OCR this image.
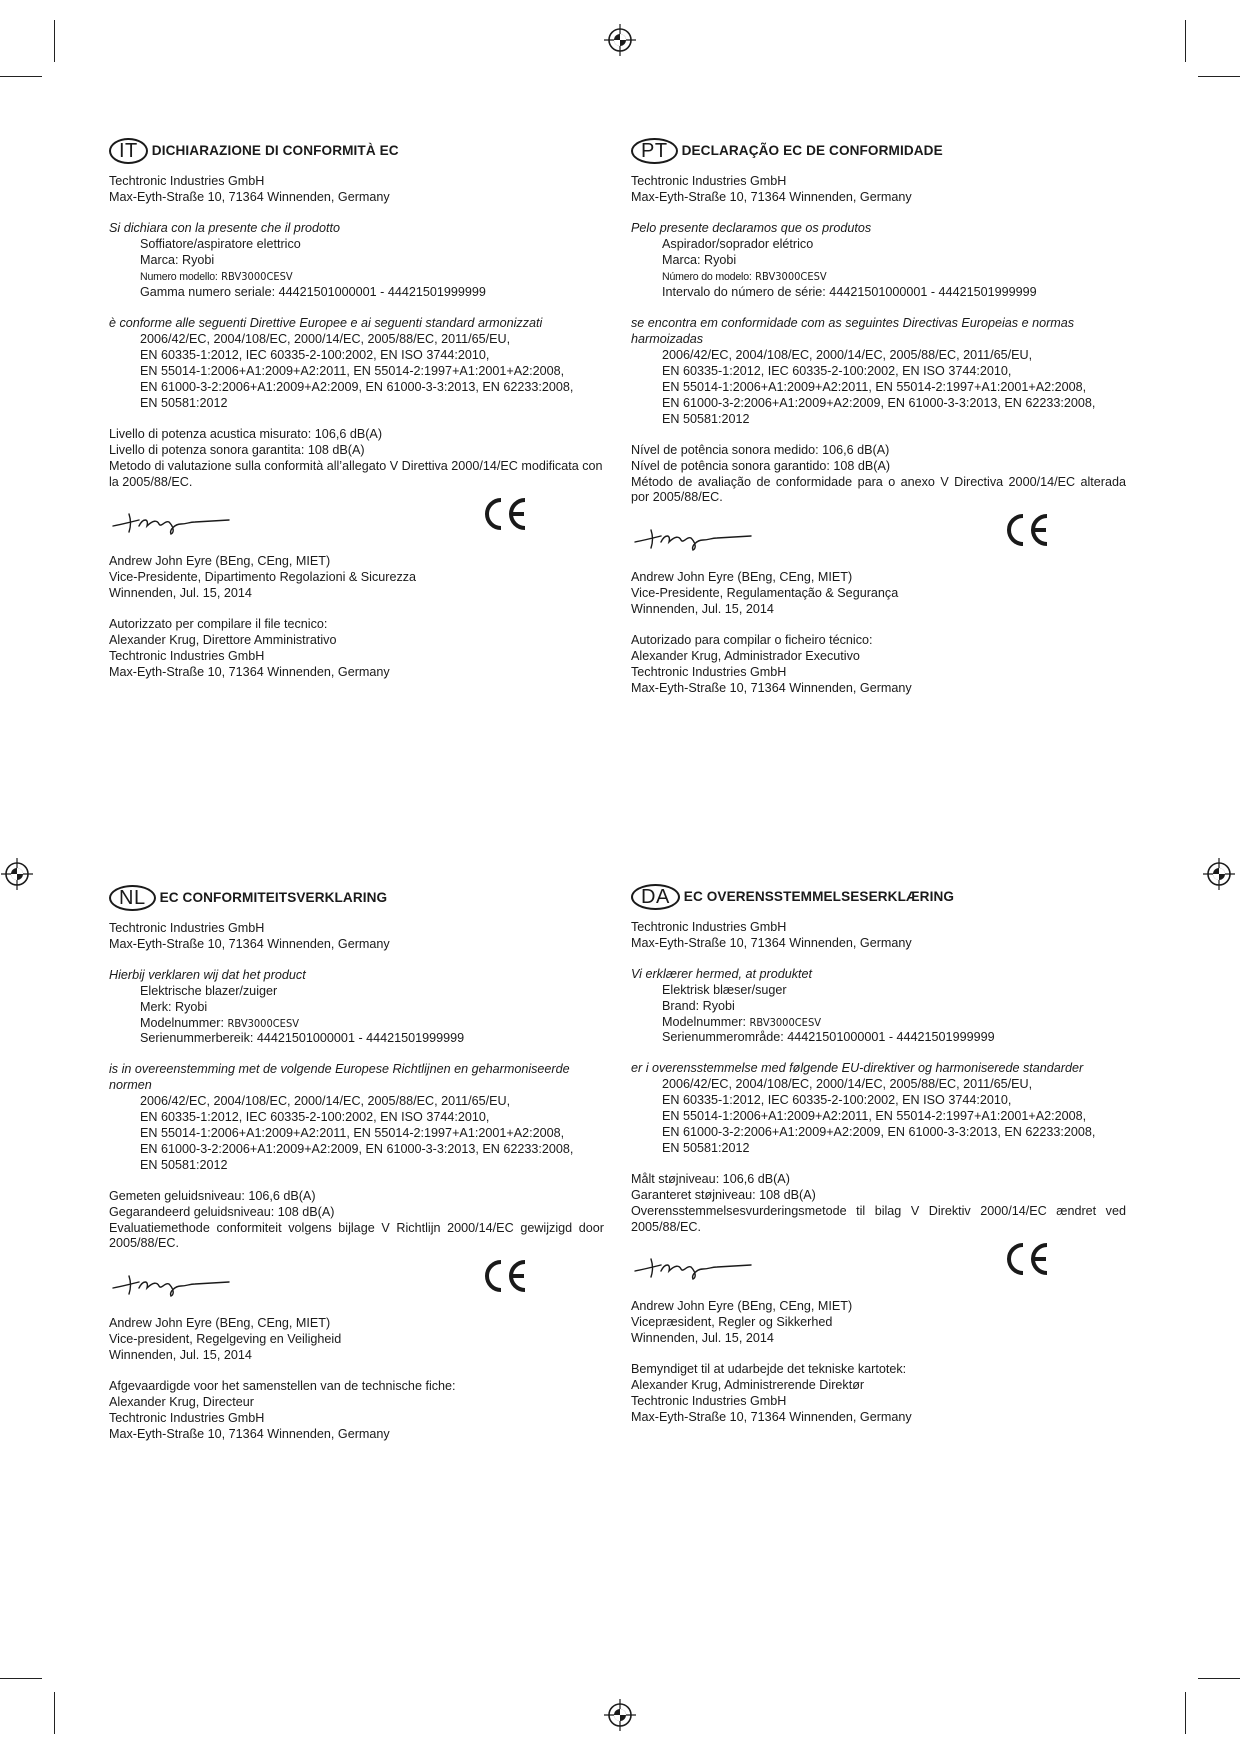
IT	DICHIARAZIONE DI CONFORMITÀ EC

Techtronic Industries GmbH

Max-Eyth-Straße 10, 71364 Winnenden, Germany

Si dichiara con la presente che il prodotto

Soffiatore/aspiratore elettrico

Marca: Ryobi

Numero modello: RBV3000CESV

Gamma numero seriale: 44421501000001 - 44421501999999

è conforme alle seguenti Direttive Europee e ai seguenti standard armonizzati

2006/42/EC, 2004/108/EC, 2000/14/EC, 2005/88/EC, 2011/65/EU,

EN 60335-1:2012, IEC 60335-2-100:2002, EN ISO 3744:2010,

EN 55014-1:2006+A1:2009+A2:2011, EN 55014-2:1997+A1:2001+A2:2008,

EN 61000-3-2:2006+A1:2009+A2:2009, EN 61000-3-3:2013, EN 62233:2008,

EN 50581:2012

Livello di potenza acustica misurato: 106,6 dB(A)

Livello di potenza sonora garantita: 108 dB(A)

Metodo di valutazione sulla conformità all’allegato V Direttiva 2000/14/EC modificata con la 2005/88/EC.

Andrew John Eyre (BEng, CEng, MIET)

Vice-Presidente, Dipartimento Regolazioni & Sicurezza

Winnenden, Jul. 15, 2014

Autorizzato per compilare il file tecnico:

Alexander Krug, Direttore Amministrativo

Techtronic Industries GmbH

Max-Eyth-Straße 10, 71364 Winnenden, Germany

PT	DECLARAÇÃO EC DE CONFORMIDADE

Techtronic Industries GmbH

Max-Eyth-Straße 10, 71364 Winnenden, Germany

Pelo presente declaramos que os produtos

Aspirador/soprador elétrico

Marca: Ryobi

Número do modelo: RBV3000CESV

Intervalo do número de série: 44421501000001 - 44421501999999

se encontra em conformidade com as seguintes Directivas Europeias e normas harmoizadas

2006/42/EC, 2004/108/EC, 2000/14/EC, 2005/88/EC, 2011/65/EU,

EN 60335-1:2012, IEC 60335-2-100:2002, EN ISO 3744:2010,

EN 55014-1:2006+A1:2009+A2:2011, EN 55014-2:1997+A1:2001+A2:2008,

EN 61000-3-2:2006+A1:2009+A2:2009, EN 61000-3-3:2013, EN 62233:2008,

EN 50581:2012

Nível de potência sonora medido: 106,6 dB(A)

Nível de potência sonora garantido: 108 dB(A)

Método de avaliação de conformidade para o anexo V Directiva 2000/14/EC alterada por 2005/88/EC.

Andrew John Eyre (BEng, CEng, MIET)

Vice-Presidente, Regulamentação & Segurança

Winnenden, Jul. 15, 2014

Autorizado para compilar o ficheiro técnico:

Alexander Krug, Administrador Executivo

Techtronic Industries GmbH

Max-Eyth-Straße 10, 71364 Winnenden, Germany

NL	EC CONFORMITEITSVERKLARING

Techtronic Industries GmbH

Max-Eyth-Straße 10, 71364 Winnenden, Germany

Hierbij verklaren wij dat het product

Elektrische blazer/zuiger

Merk: Ryobi

Modelnummer: RBV3000CESV

Serienummerbereik: 44421501000001 - 44421501999999

is in overeenstemming met de volgende Europese Richtlijnen en geharmoniseerde normen

2006/42/EC, 2004/108/EC, 2000/14/EC, 2005/88/EC, 2011/65/EU,

EN 60335-1:2012, IEC 60335-2-100:2002, EN ISO 3744:2010,

EN 55014-1:2006+A1:2009+A2:2011, EN 55014-2:1997+A1:2001+A2:2008,

EN 61000-3-2:2006+A1:2009+A2:2009, EN 61000-3-3:2013, EN 62233:2008,

EN 50581:2012

Gemeten geluidsniveau: 106,6 dB(A)

Gegarandeerd geluidsniveau: 108 dB(A)

Evaluatiemethode conformiteit volgens bijlage V Richtlijn 2000/14/EC gewijzigd door 2005/88/EC.

Andrew John Eyre (BEng, CEng, MIET)

Vice-president, Regelgeving en Veiligheid

Winnenden, Jul. 15, 2014

Afgevaardigde voor het samenstellen van de technische fiche:

Alexander Krug, Directeur

Techtronic Industries GmbH

Max-Eyth-Straße 10, 71364 Winnenden, Germany

DA	EC OVERENSSTEMMELSESERKLÆRING

Techtronic Industries GmbH

Max-Eyth-Straße 10, 71364 Winnenden, Germany

Vi erklærer hermed, at produktet

Elektrisk blæser/suger

Brand: Ryobi

Modelnummer: RBV3000CESV

Serienummerområde: 44421501000001 - 44421501999999

er i overensstemmelse med følgende EU-direktiver og harmoniserede standarder

2006/42/EC, 2004/108/EC, 2000/14/EC, 2005/88/EC, 2011/65/EU,

EN 60335-1:2012, IEC 60335-2-100:2002, EN ISO 3744:2010,

EN 55014-1:2006+A1:2009+A2:2011, EN 55014-2:1997+A1:2001+A2:2008,

EN 61000-3-2:2006+A1:2009+A2:2009, EN 61000-3-3:2013, EN 62233:2008,

EN 50581:2012

Målt støjniveau: 106,6 dB(A)

Garanteret støjniveau: 108 dB(A)

Overensstemmelsesvurderingsmetode til bilag V Direktiv 2000/14/EC ændret ved 2005/88/EC.

Andrew John Eyre (BEng, CEng, MIET)

Vicepræsident, Regler og Sikkerhed

Winnenden, Jul. 15, 2014

Bemyndiget til at udarbejde det tekniske kartotek:

Alexander Krug, Administrerende Direktør

Techtronic Industries GmbH

Max-Eyth-Straße 10, 71364 Winnenden, Germany
